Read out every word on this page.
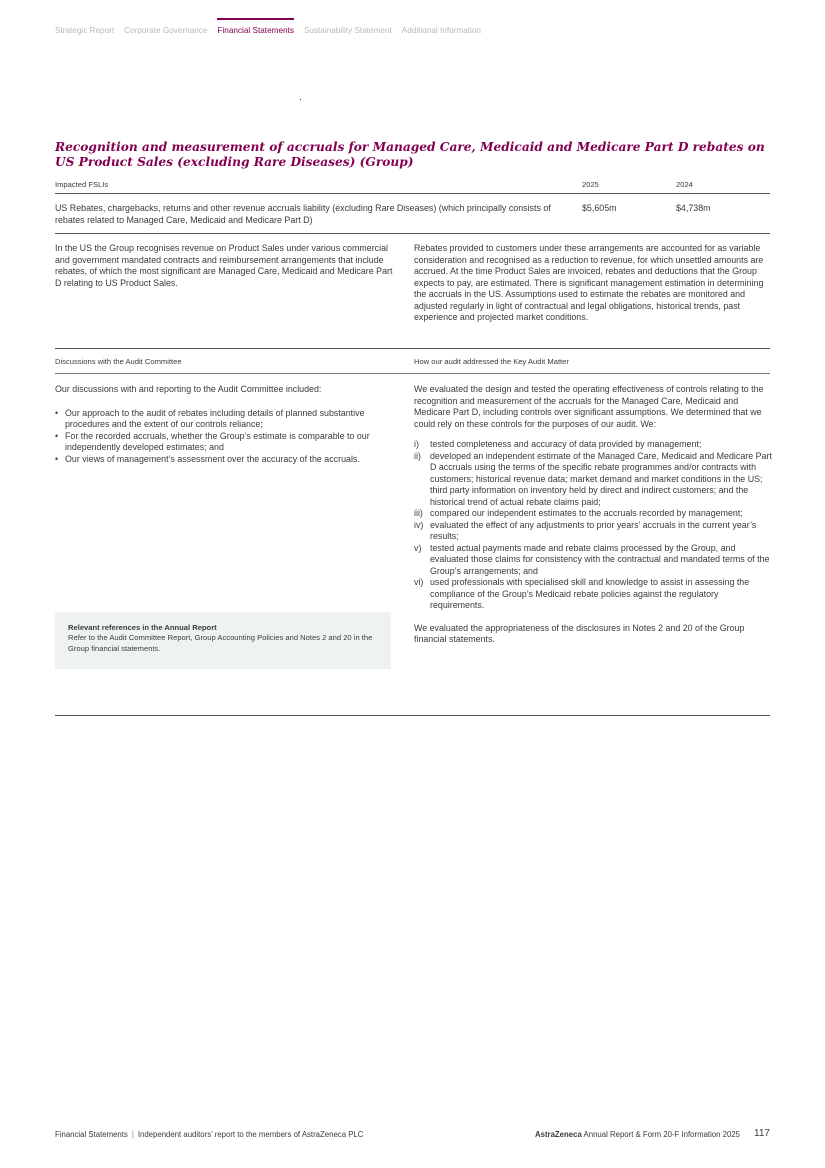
Strategic Report Corporate Governance Financial Statements Sustainability Statement Additional Information
Recognition and measurement of accruals for Managed Care, Medicaid and Medicare Part D rebates on US Product Sales (excluding Rare Diseases) (Group)
Impacted FSLIs	2025	2024
US Rebates, chargebacks, returns and other revenue accruals liability (excluding Rare Diseases) (which principally consists of rebates related to Managed Care, Medicaid and Medicare Part D)
$5,605m	$4,738m

In the US the Group recognises revenue on Product Sales under various commercial and government mandated contracts and reimbursement arrangements that include rebates, of which the most significant are Managed Care, Medicaid and Medicare Part D relating to US Product Sales.

Rebates provided to customers under these arrangements are accounted for as variable consideration and recognised as a reduction to revenue, for which unsettled amounts are accrued. At the time Product Sales are invoiced, rebates and deductions that the Group expects to pay, are estimated. There is significant management estimation in determining the accruals in the US. Assumptions used to estimate the rebates are monitored and adjusted regularly in light of contractual and legal obligations, historical trends, past experience and projected market conditions.

Discussions with the Audit Committee	How our audit addressed the Key Audit Matter

Our discussions with and reporting to the Audit Committee included:

• Our approach to the audit of rebates including details of planned substantive procedures and the extent of our controls reliance;
• For the recorded accruals, whether the Group’s estimate is comparable to our independently developed estimates; and
• Our views of management’s assessment over the accuracy of the accruals.
Relevant references in the Annual Report
Refer to the Audit Committee Report, Group Accounting Policies and Notes 2 and 20 in the Group financial statements.

We evaluated the design and tested the operating effectiveness of controls relating to the recognition and measurement of the accruals for the Managed Care, Medicaid and Medicare Part D, including controls over significant assumptions. We determined that we could rely on these controls for the purposes of our audit. We:

i) tested completeness and accuracy of data provided by management;
ii) developed an independent estimate of the Managed Care, Medicaid and Medicare Part D accruals using the terms of the specific rebate programmes and/or contracts with customers; historical revenue data; market demand and market conditions in the US; third party information on inventory held by direct and indirect customers; and the historical trend of actual rebate claims paid;
iii) compared our independent estimates to the accruals recorded by management;
iv) evaluated the effect of any adjustments to prior years’ accruals in the current year’s results;
v) tested actual payments made and rebate claims processed by the Group, and evaluated those claims for consistency with the contractual and mandated terms of the Group’s arrangements; and
vi) used professionals with specialised skill and knowledge to assist in assessing the compliance of the Group’s Medicaid rebate policies against the regulatory requirements.

We evaluated the appropriateness of the disclosures in Notes 2 and 20 of the Group financial statements.

Financial Statements | Independent auditors’ report to the members of AstraZeneca PLC	AstraZeneca Annual Report & Form 20-F Information 2025 117
